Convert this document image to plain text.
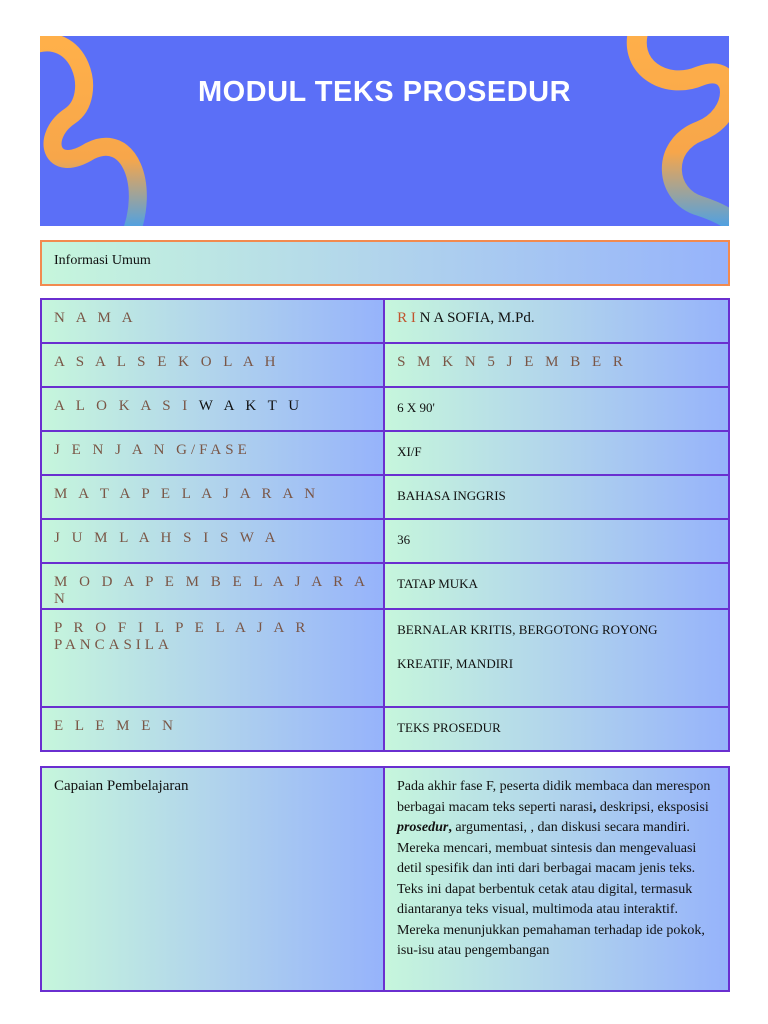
MODUL TEKS PROSEDUR
Informasi Umum
N A M A	R I N A SOFIA, M.Pd.

A S A L S E K O L A H	S M K N 5 J E M B E R

A L O K A S I W A K T U	6 X 90'

J E N J A N G/FASE	XI/F

M A T A P E L A J A R A N	BAHASA INGGRIS

J U M L A H S I S W A	36

M O D A P E M B E L A J A R A N	TATAP MUKA

P R O F I L P E L A J A R PANCASILA	BERNALAR KRITIS, BERGOTONG ROYONG

KREATIF, MANDIRI

E L E M E N	TEKS PROSEDUR
Capaian Pembelajaran	Pada akhir fase F, peserta didik membaca dan merespon berbagai macam teks seperti narasi, deskripsi, eksposisi prosedur, argumentasi, , dan diskusi secara mandiri. Mereka mencari, membuat sintesis dan mengevaluasi detil spesifik dan inti dari berbagai macam jenis teks. Teks ini dapat berbentuk cetak atau digital, termasuk diantaranya teks visual, multimoda atau interaktif. Mereka menunjukkan pemahaman terhadap ide pokok, isu-isu atau pengembangan
